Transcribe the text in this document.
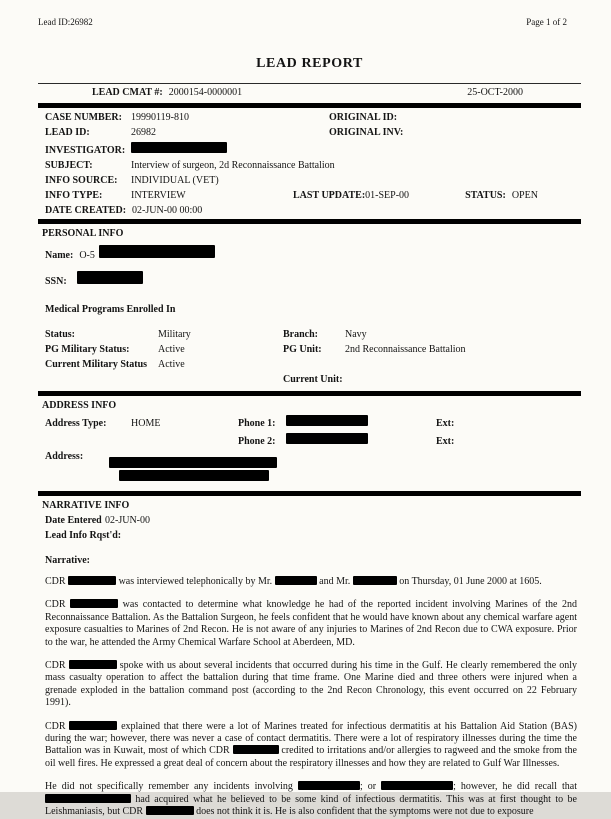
Lead ID:26982	Page 1 of 2
LEAD REPORT
LEAD CMAT #: 2000154-0000001	25-OCT-2000
CASE NUMBER: 19990119-810	ORIGINAL ID:
LEAD ID:	26982	ORIGINAL INV:
INVESTIGATOR:
SUBJECT:	Interview of surgeon, 2d Reconnaissance Battalion
INFO SOURCE:	INDIVIDUAL (VET)
INFO TYPE:	INTERVIEW	LAST UPDATE: 01-SEP-00	STATUS: OPEN
DATE CREATED: 02-JUN-00 00:00
PERSONAL INFO
Name: O-5
SSN:
Medical Programs Enrolled In
Status:	Military	Branch:	Navy
PG Military Status:	Active	PG Unit:	2nd Reconnaissance Battalion
Current Military Status	Active
Current Unit:
ADDRESS INFO
Address Type:	HOME	Phone 1:	Ext:
Phone 2:	Ext:
Address:
NARRATIVE INFO
Date Entered 02-JUN-00
Lead Info Rqst'd:
Narrative:

CDR	was interviewed telephonically by Mr.	and Mr.	on Thursday, 01 June 2000 at 1605.

CDR	was contacted to determine what knowledge he had of the reported incident involving Marines of the 2nd Reconnaissance Battalion. As the Battalion Surgeon, he feels confident that he would have known about any chemical warfare agent exposure casualties to Marines of 2nd Recon. He is not aware of any injuries to Marines of 2nd Recon due to CWA exposure. Prior to the war, he attended the Army Chemical Warfare School at Aberdeen, MD.

CDR	spoke with us about several incidents that occurred during his time in the Gulf. He clearly remembered the only mass casualty operation to affect the battalion during that time frame. One Marine died and three others were injured when a grenade exploded in the battalion command post (according to the 2nd Recon Chronology, this event occurred on 22 February 1991).

CDR	explained that there were a lot of Marines treated for infectious dermatitis at his Battalion Aid Station (BAS) during the war; however, there was never a case of contact dermatitis. There were a lot of respiratory illnesses during the time the Battalion was in Kuwait, most of which CDR	credited to irritations and/or allergies to ragweed and the smoke from the oil well fires. He expressed a great deal of concern about the respiratory illnesses and how they are related to Gulf War Illnesses.

He did not specifically remember any incidents involving	; or	; however, he did recall that  had acquired what he believed to be some kind of infectious dermatitis. This was at first thought to be Leishmaniasis, but CDR	does not think it is. He is also confident that the symptoms were not due to exposure
